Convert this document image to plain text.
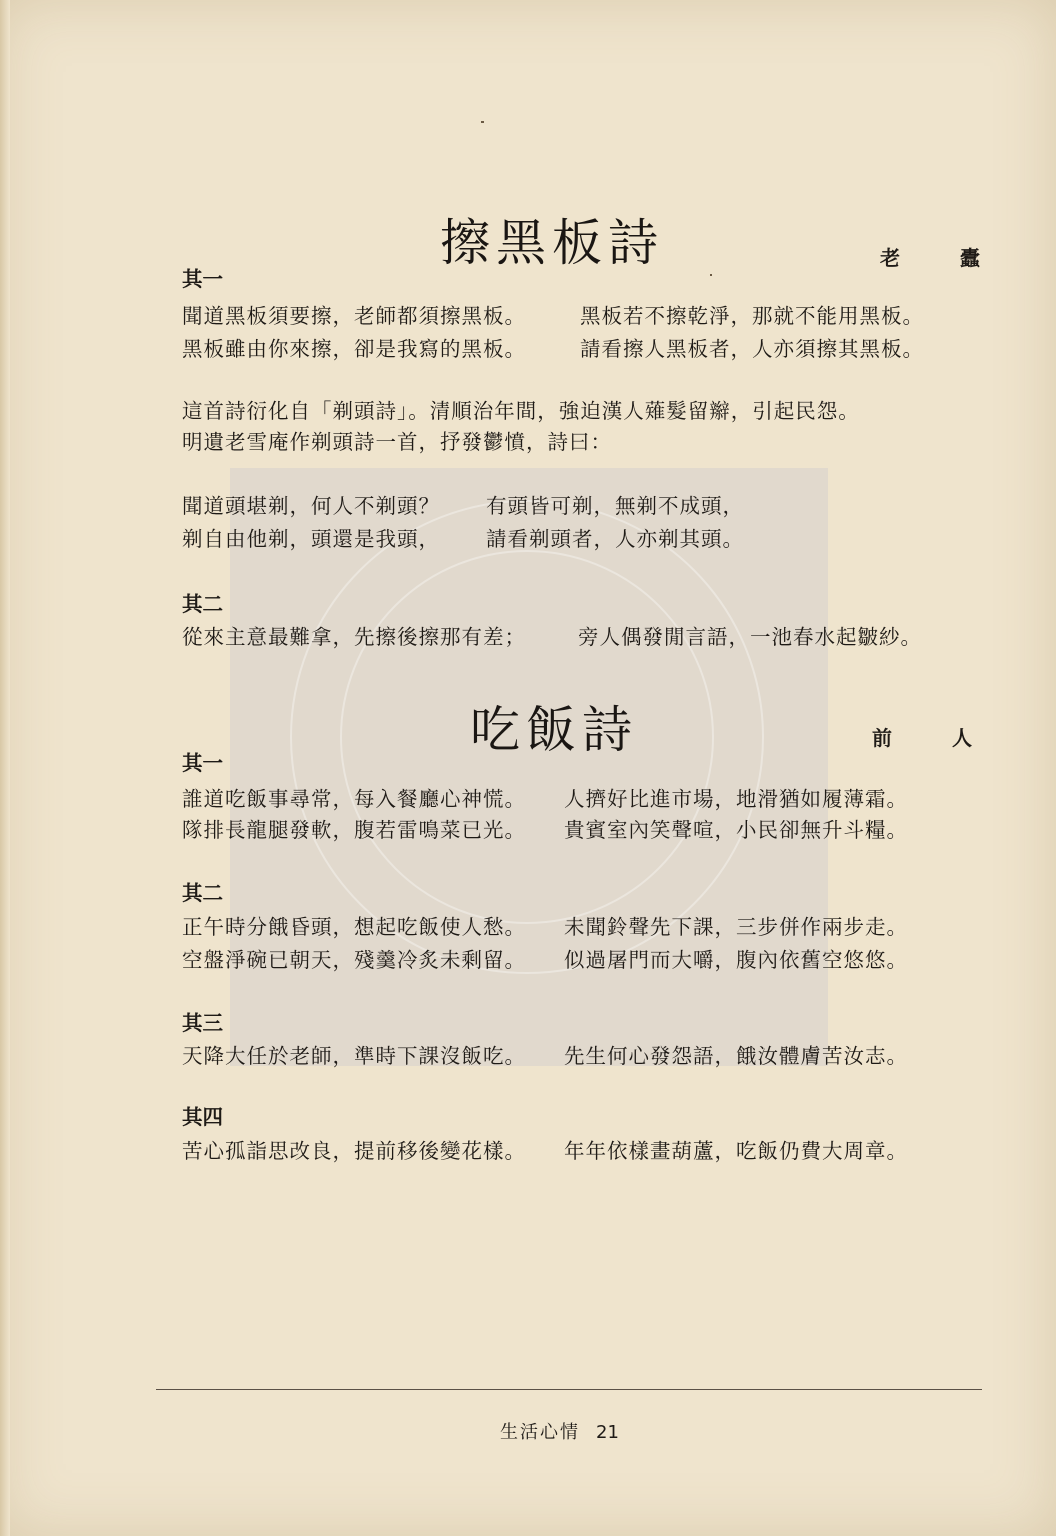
擦黑板詩	老　蠹
其一
聞道黑板須要擦，老師都須擦黑板。	黑板若不擦乾淨，那就不能用黑板。
黑板雖由你來擦，卻是我寫的黑板。	請看擦人黑板者，人亦須擦其黑板。
這首詩衍化自「剃頭詩」。清順治年間，強迫漢人薙髮留辮，引起民怨。
明遺老雪庵作剃頭詩一首，抒發鬱憤，詩曰：
聞道頭堪剃，何人不剃頭？ 有頭皆可剃，無剃不成頭，
剃自由他剃，頭還是我頭， 請看剃頭者，人亦剃其頭。
其二
從來主意最難拿，先擦後擦那有差；	旁人偶發閒言語，一池春水起皺紗。
吃飯詩	前　人
其一
誰道吃飯事尋常，每入餐廳心神慌。 人擠好比進市場，地滑猶如履薄霜。
隊排長龍腿發軟，腹若雷鳴菜已光。 貴賓室內笑聲喧，小民卻無升斗糧。
其二
正午時分餓昏頭，想起吃飯使人愁。 未聞鈴聲先下課，三步併作兩步走。
空盤淨碗已朝天，殘羹冷炙未剩留。 似過屠門而大嚼，腹內依舊空悠悠。
其三
天降大任於老師，準時下課沒飯吃。 先生何心發怨語，餓汝體膚苦汝志。
其四
苦心孤詣思改良，提前移後變花樣。 年年依樣畫葫蘆，吃飯仍費大周章。
生活心情 21
